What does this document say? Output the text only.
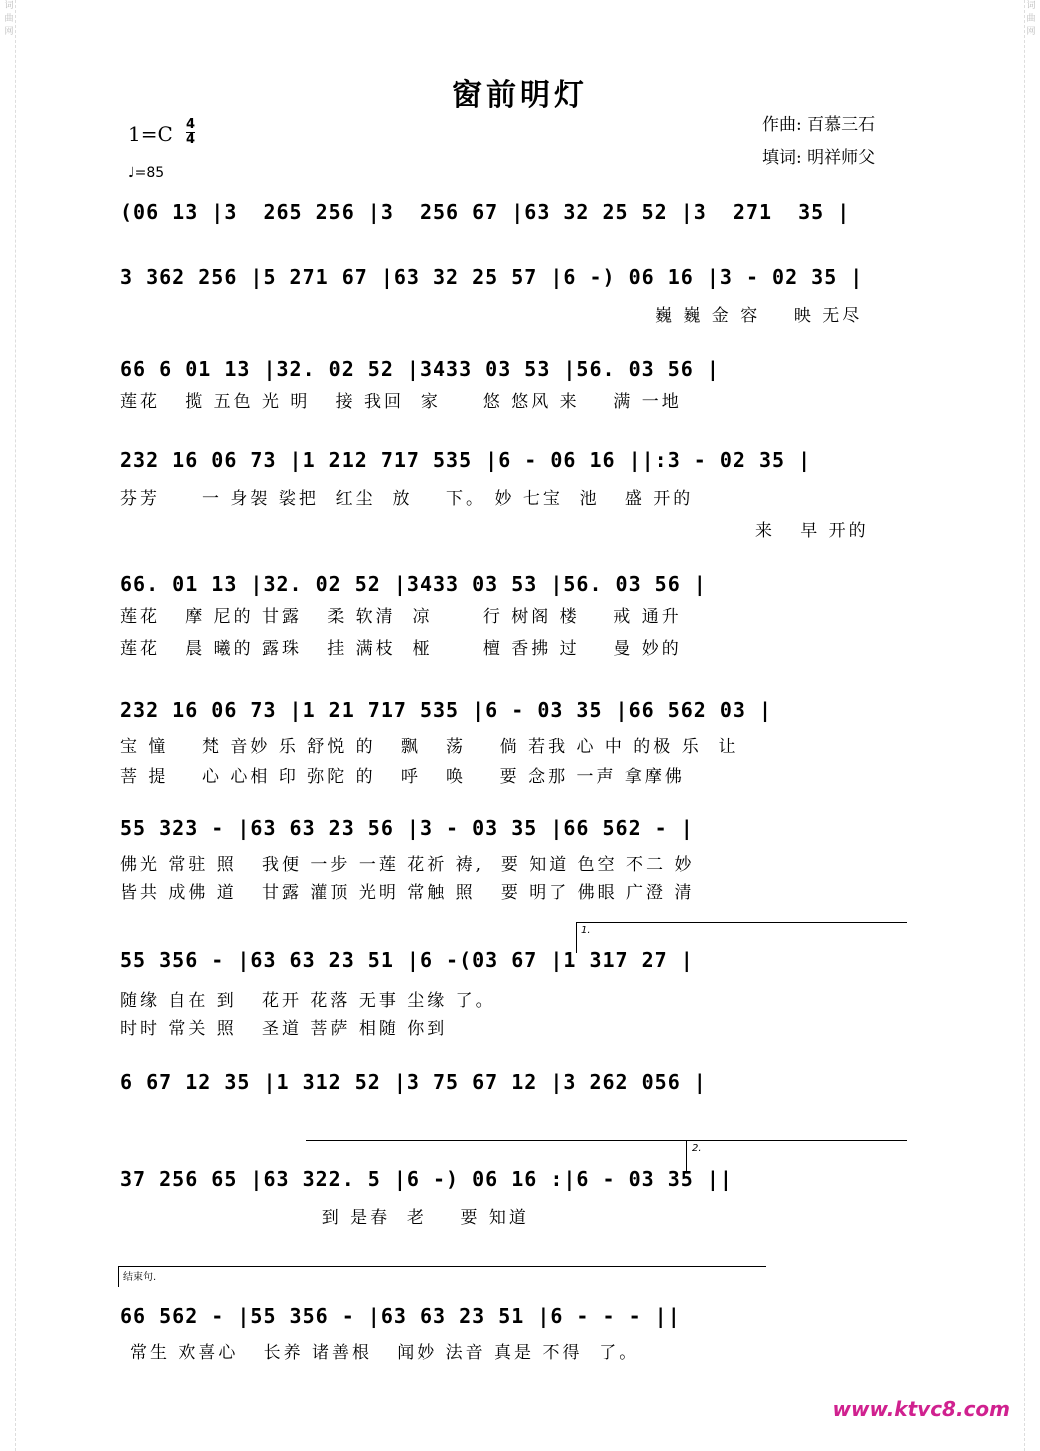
词曲网
词曲网
窗前明灯
作曲: 百慕三石
填词: 明祥师父
1=C 4
4
♩=85
(06 13 |3  265 256 |3  256 67 |63 32 25 52 |3  271  35 |
3 362 256 |5 271 67 |63 32 25 57 |6 -) 06 16 |3 - 02 35 |
巍 巍 金 容    映 无尽
66 6 01 13 |32. 02 52 |3433 03 53 |56. 03 56 |
莲花   揽 五色 光 明   接 我回  家     悠 悠风 来    满 一地
232 16 06 73 |1 212 717 535 |6 - 06 16 ||:3 - 02 35 |
芬芳     一 身袈 裟把  红尘  放    下。 妙 七宝  池   盛 开的
来   早 开的
66. 01 13 |32. 02 52 |3433 03 53 |56. 03 56 |
莲花   摩 尼的 甘露   柔 软清  凉      行 树阁 楼    戒 通升
莲花   晨 曦的 露珠   挂 满枝  桠      檀 香拂 过    曼 妙的
232 16 06 73 |1 21 717 535 |6 - 03 35 |66 562 03 |
宝 憧    梵 音妙 乐 舒悦 的   飘   荡    倘 若我 心 中 的极 乐  让
菩 提    心 心相 印 弥陀 的   呼   唤    要 念那 一声 拿摩佛
55 323 - |63 63 23 56 |3 - 03 35 |66 562 - |
佛光 常驻 照   我便 一步 一莲 花祈 祷,  要 知道 色空 不二 妙
皆共 成佛 道   甘露 灌顶 光明 常触 照   要 明了 佛眼 广澄 清
1.
55 356 - |63 63 23 51 |6 -(03 67 |1 317 27 |
随缘 自在 到   花开 花落 无事 尘缘 了。
时时 常关 照   圣道 菩萨 相随 你到
6 67 12 35 |1 312 52 |3 75 67 12 |3 262 056 |
2.
37 256 65 |63 322. 5 |6 -) 06 16 :|6 - 03 35 ||
到 是春  老    要 知道
结束句.
66 562 - |55 356 - |63 63 23 51 |6 - - - ||
常生 欢喜心   长养 诸善根   闻妙 法音 真是 不得  了。
www.ktvc8.com
